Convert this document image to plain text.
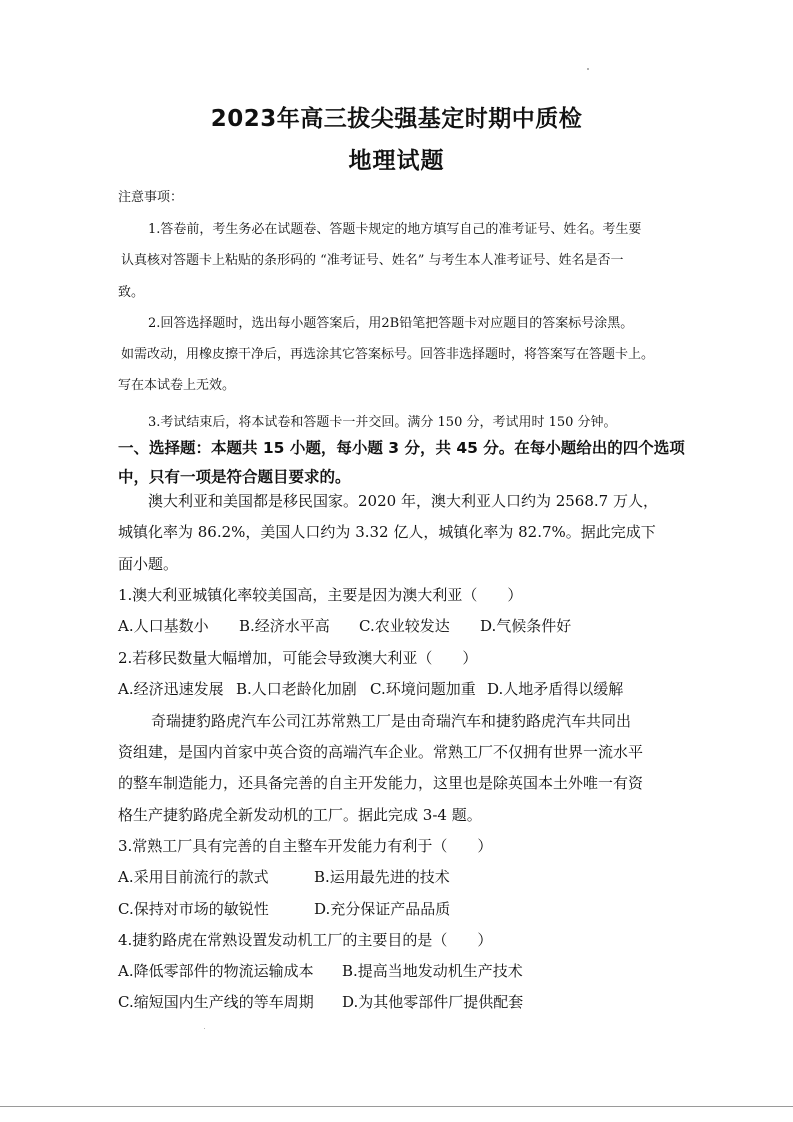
2023年高三拔尖强基定时期中质检
地理试题
注意事项：
1.答卷前，考生务必在试题卷、答题卡规定的地方填写自己的准考证号、姓名。考生要
认真核对答题卡上粘贴的条形码的 “准考证号、姓名” 与考生本人准考证号、姓名是否一
致。
2.回答选择题时，选出每小题答案后，用2B铅笔把答题卡对应题目的答案标号涂黑。
如需改动，用橡皮擦干净后，再选涂其它答案标号。回答非选择题时，将答案写在答题卡上。
写在本试卷上无效。
3.考试结束后，将本试卷和答题卡一并交回。满分 150 分，考试用时 150 分钟。
一、选择题：本题共 15 小题，每小题 3 分，共 45 分。在每小题给出的四个选项
中，只有一项是符合题目要求的。
澳大利亚和美国都是移民国家。2020 年，澳大利亚人口约为 2568.7 万人，
城镇化率为 86.2%，美国人口约为 3.32 亿人，城镇化率为 82.7%。据此完成下
面小题。
1.澳大利亚城镇化率较美国高，主要是因为澳大利亚（　　）
A.人口基数小 B.经济水平高 C.农业较发达 D.气候条件好
2.若移民数量大幅增加，可能会导致澳大利亚（　　）
A.经济迅速发展 B.人口老龄化加剧 C.环境问题加重 D.人地矛盾得以缓解
奇瑞捷豹路虎汽车公司江苏常熟工厂是由奇瑞汽车和捷豹路虎汽车共同出
资组建，是国内首家中英合资的高端汽车企业。常熟工厂不仅拥有世界一流水平
的整车制造能力，还具备完善的自主开发能力，这里也是除英国本土外唯一有资
格生产捷豹路虎全新发动机的工厂。据此完成 3-4 题。
3.常熟工厂具有完善的自主整车开发能力有利于（　　）
A.采用目前流行的款式	B.运用最先进的技术
C.保持对市场的敏锐性	D.充分保证产品品质
4.捷豹路虎在常熟设置发动机工厂的主要目的是（　　）
A.降低零部件的物流运输成本 B.提高当地发动机生产技术
C.缩短国内生产线的等车周期 D.为其他零部件厂提供配套
